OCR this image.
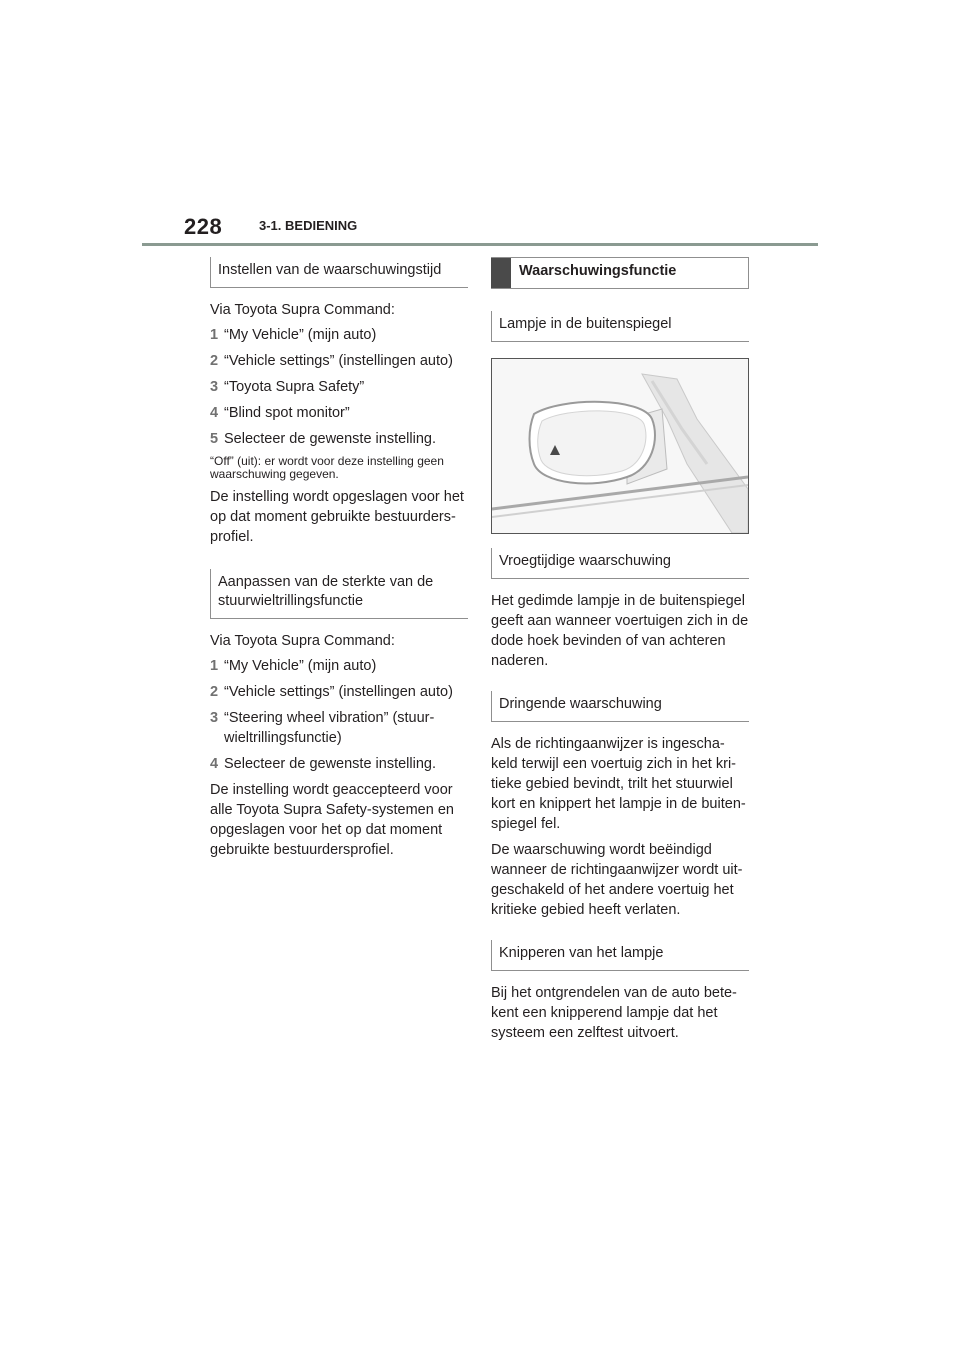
228	3-1. BEDIENING
Instellen van de waarschuwingstijd

Via Toyota Supra Command:

1 “My Vehicle” (mijn auto)
2 “Vehicle settings” (instellingen auto)
3 “Toyota Supra Safety”
4 “Blind spot monitor”
5 Selecteer de gewenste instelling.

“Off” (uit): er wordt voor deze instelling geen waarschuwing gegeven.

De instelling wordt opgeslagen voor het op dat moment gebruikte bestuurders-profiel.

Aanpassen van de sterkte van de stuurwieltrillingsfunctie

Via Toyota Supra Command:

1 “My Vehicle” (mijn auto)
2 “Vehicle settings” (instellingen auto)
3 “Steering wheel vibration” (stuur-wieltrillingsfunctie)
4 Selecteer de gewenste instelling.

De instelling wordt geaccepteerd voor alle Toyota Supra Safety-systemen en opgeslagen voor het op dat moment gebruikte bestuurdersprofiel.

Waarschuwingsfunctie
Lampje in de buitenspiegel
Vroegtijdige waarschuwing

Het gedimde lampje in de buitenspiegel geeft aan wanneer voertuigen zich in de dode hoek bevinden of van achteren naderen.

Dringende waarschuwing

Als de richtingaanwijzer is ingescha-keld terwijl een voertuig zich in het kri-tieke gebied bevindt, trilt het stuurwiel kort en knippert het lampje in de buiten-spiegel fel.

De waarschuwing wordt beëindigd wanneer de richtingaanwijzer wordt uit-geschakeld of het andere voertuig het kritieke gebied heeft verlaten.

Knipperen van het lampje

Bij het ontgrendelen van de auto bete-kent een knipperend lampje dat het systeem een zelftest uitvoert.
